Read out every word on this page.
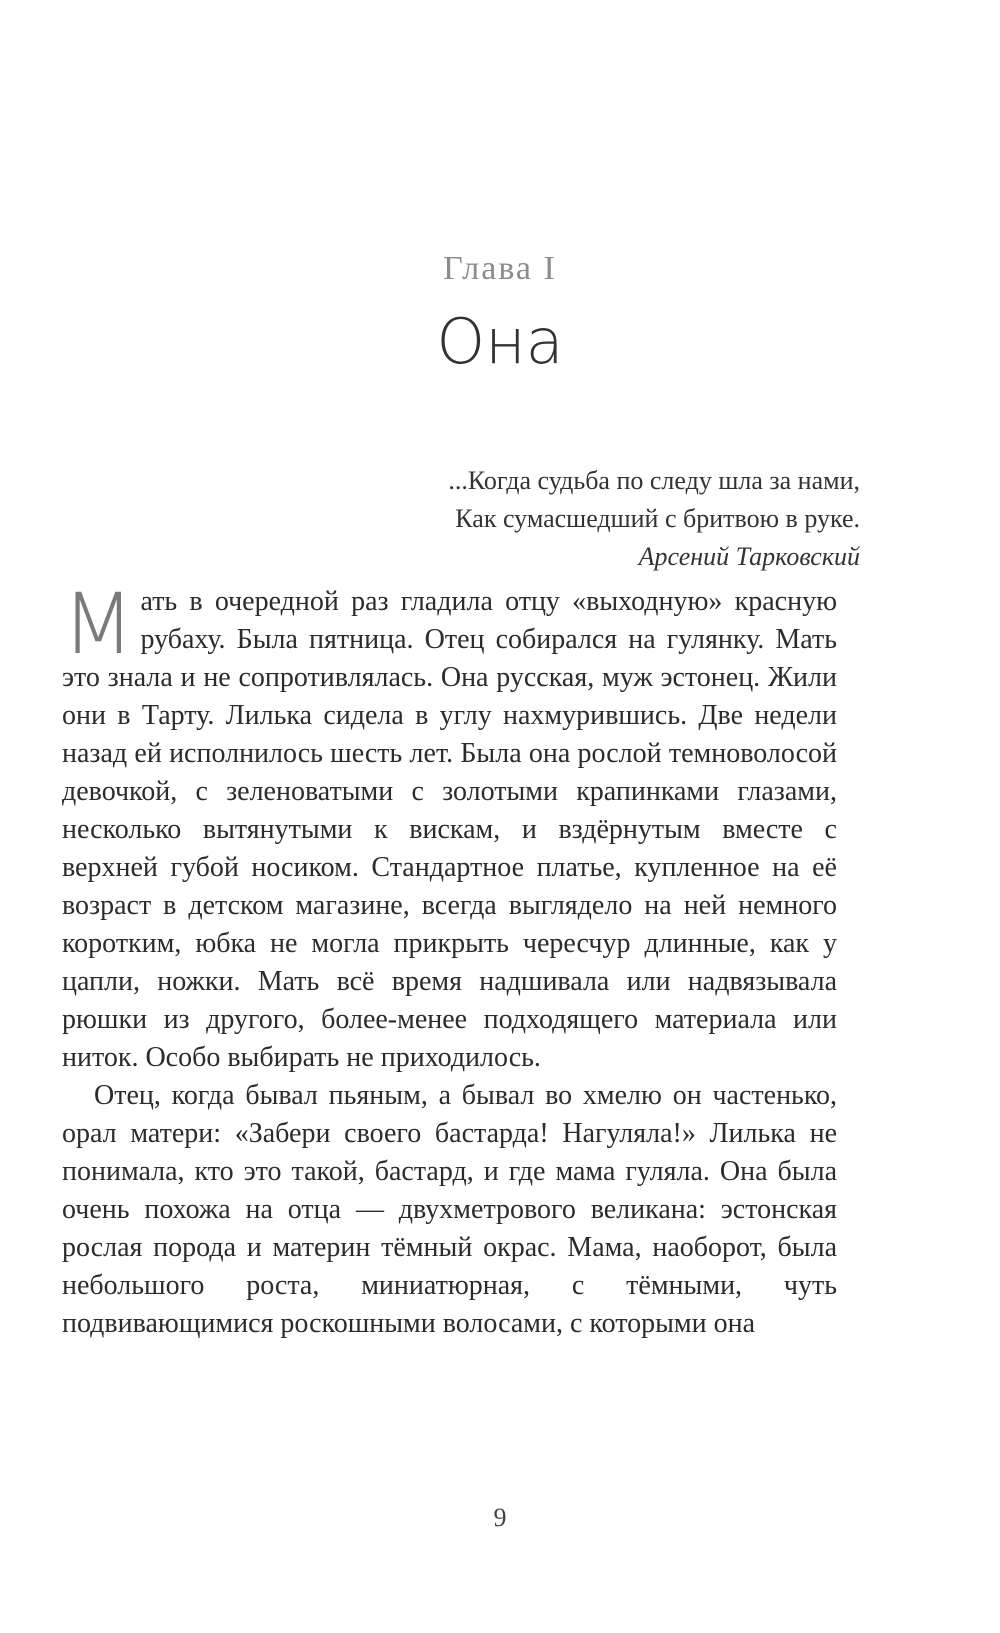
Глава I
Она
...Когда судьба по следу шла за нами,
Как сумасшедший с бритвою в руке.
Арсений Тарковский

Мать в очередной раз гладила отцу «выходную» красную рубаху. Была пятница. Отец собирался на гулянку. Мать это знала и не сопротивлялась. Она русская, муж эстонец. Жили они в Тарту. Лилька сидела в углу нахмурившись. Две недели назад ей исполнилось шесть лет. Была она рослой темноволосой девочкой, с зеленоватыми с золотыми крапинками глазами, несколько вытянутыми к вискам, и вздёрнутым вместе с верхней губой носиком. Стандартное платье, купленное на её возраст в детском магазине, всегда выглядело на ней немного коротким, юбка не могла прикрыть чересчур длинные, как у цапли, ножки. Мать всё время надшивала или надвязывала рюшки из другого, более-менее подходящего материала или ниток. Особо выбирать не приходилось.

Отец, когда бывал пьяным, а бывал во хмелю он частенько, орал матери: «Забери своего бастарда! Нагуляла!» Лилька не понимала, кто это такой, бастард, и где мама гуляла. Она была очень похожа на отца — двухметрового великана: эстонская рослая порода и материн тёмный окрас. Мама, наоборот, была небольшого роста, миниатюрная, с тёмными, чуть подвивающимися роскошными волосами, с которыми она

9
